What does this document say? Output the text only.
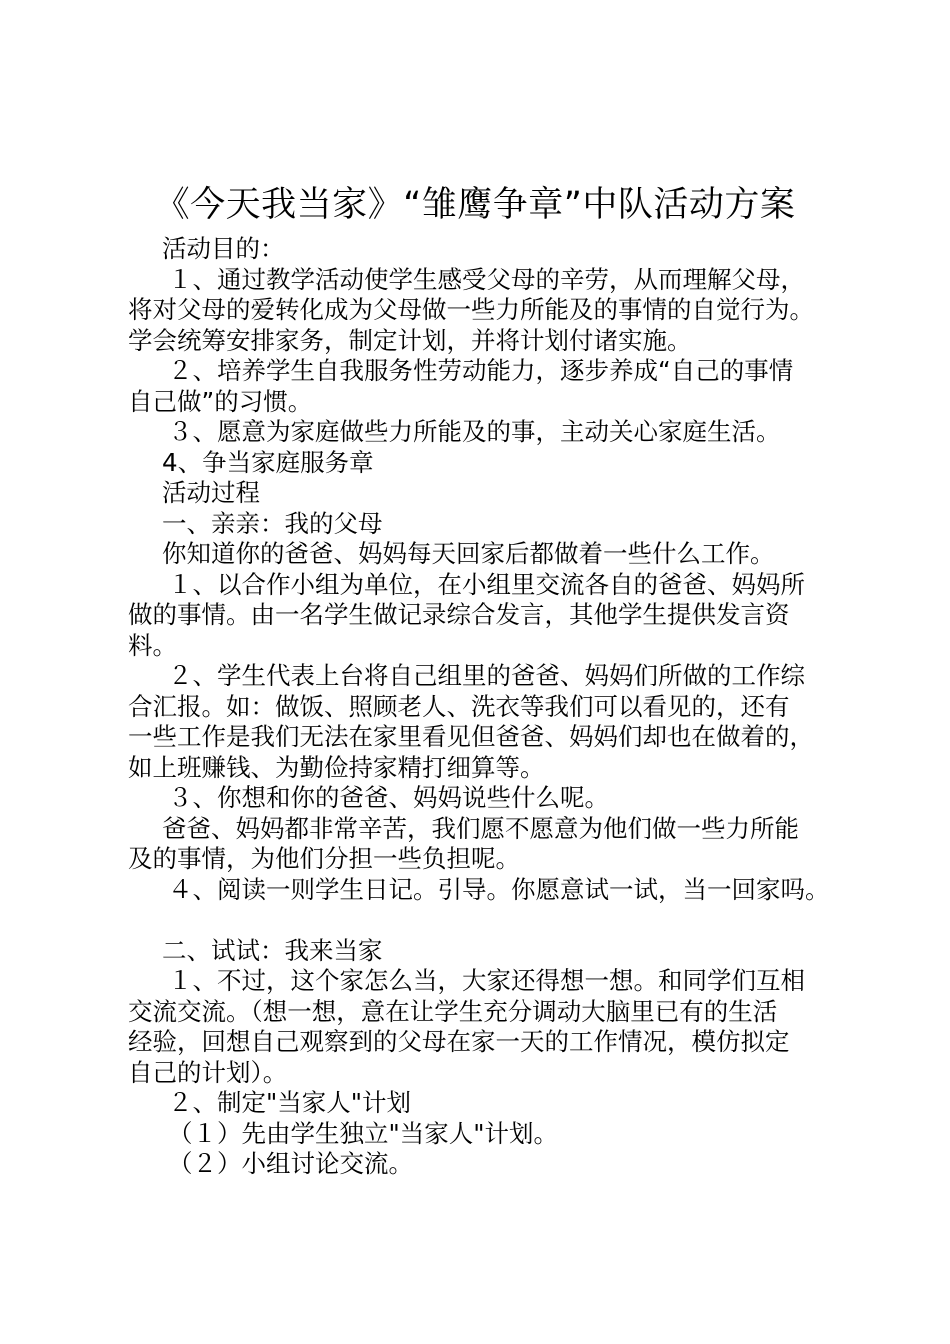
《今天我当家》“雏鹰争章”中队活动方案
活动目的：
１、通过教学活动使学生感受父母的辛劳，从而理解父母，
将对父母的爱转化成为父母做一些力所能及的事情的自觉行为。
学会统筹安排家务，制定计划，并将计划付诸实施。
２、培养学生自我服务性劳动能力，逐步养成“自己的事情
自己做”的习惯。
３、愿意为家庭做些力所能及的事，主动关心家庭生活。
4、争当家庭服务章
活动过程
一、亲亲：我的父母
你知道你的爸爸、妈妈每天回家后都做着一些什么工作。
１、以合作小组为单位，在小组里交流各自的爸爸、妈妈所
做的事情。由一名学生做记录综合发言，其他学生提供发言资
料。
２、学生代表上台将自己组里的爸爸、妈妈们所做的工作综
合汇报。如：做饭、照顾老人、洗衣等我们可以看见的，还有
一些工作是我们无法在家里看见但爸爸、妈妈们却也在做着的，
如上班赚钱、为勤俭持家精打细算等。
３、你想和你的爸爸、妈妈说些什么呢。
爸爸、妈妈都非常辛苦，我们愿不愿意为他们做一些力所能
及的事情，为他们分担一些负担呢。
４、阅读一则学生日记。引导。你愿意试一试，当一回家吗。
二、试试：我来当家
１、不过，这个家怎么当，大家还得想一想。和同学们互相
交流交流。（想一想，意在让学生充分调动大脑里已有的生活
经验，回想自己观察到的父母在家一天的工作情况，模仿拟定
自己的计划）。
２、制定"当家人"计划
（１）先由学生独立"当家人"计划。
（２）小组讨论交流。
